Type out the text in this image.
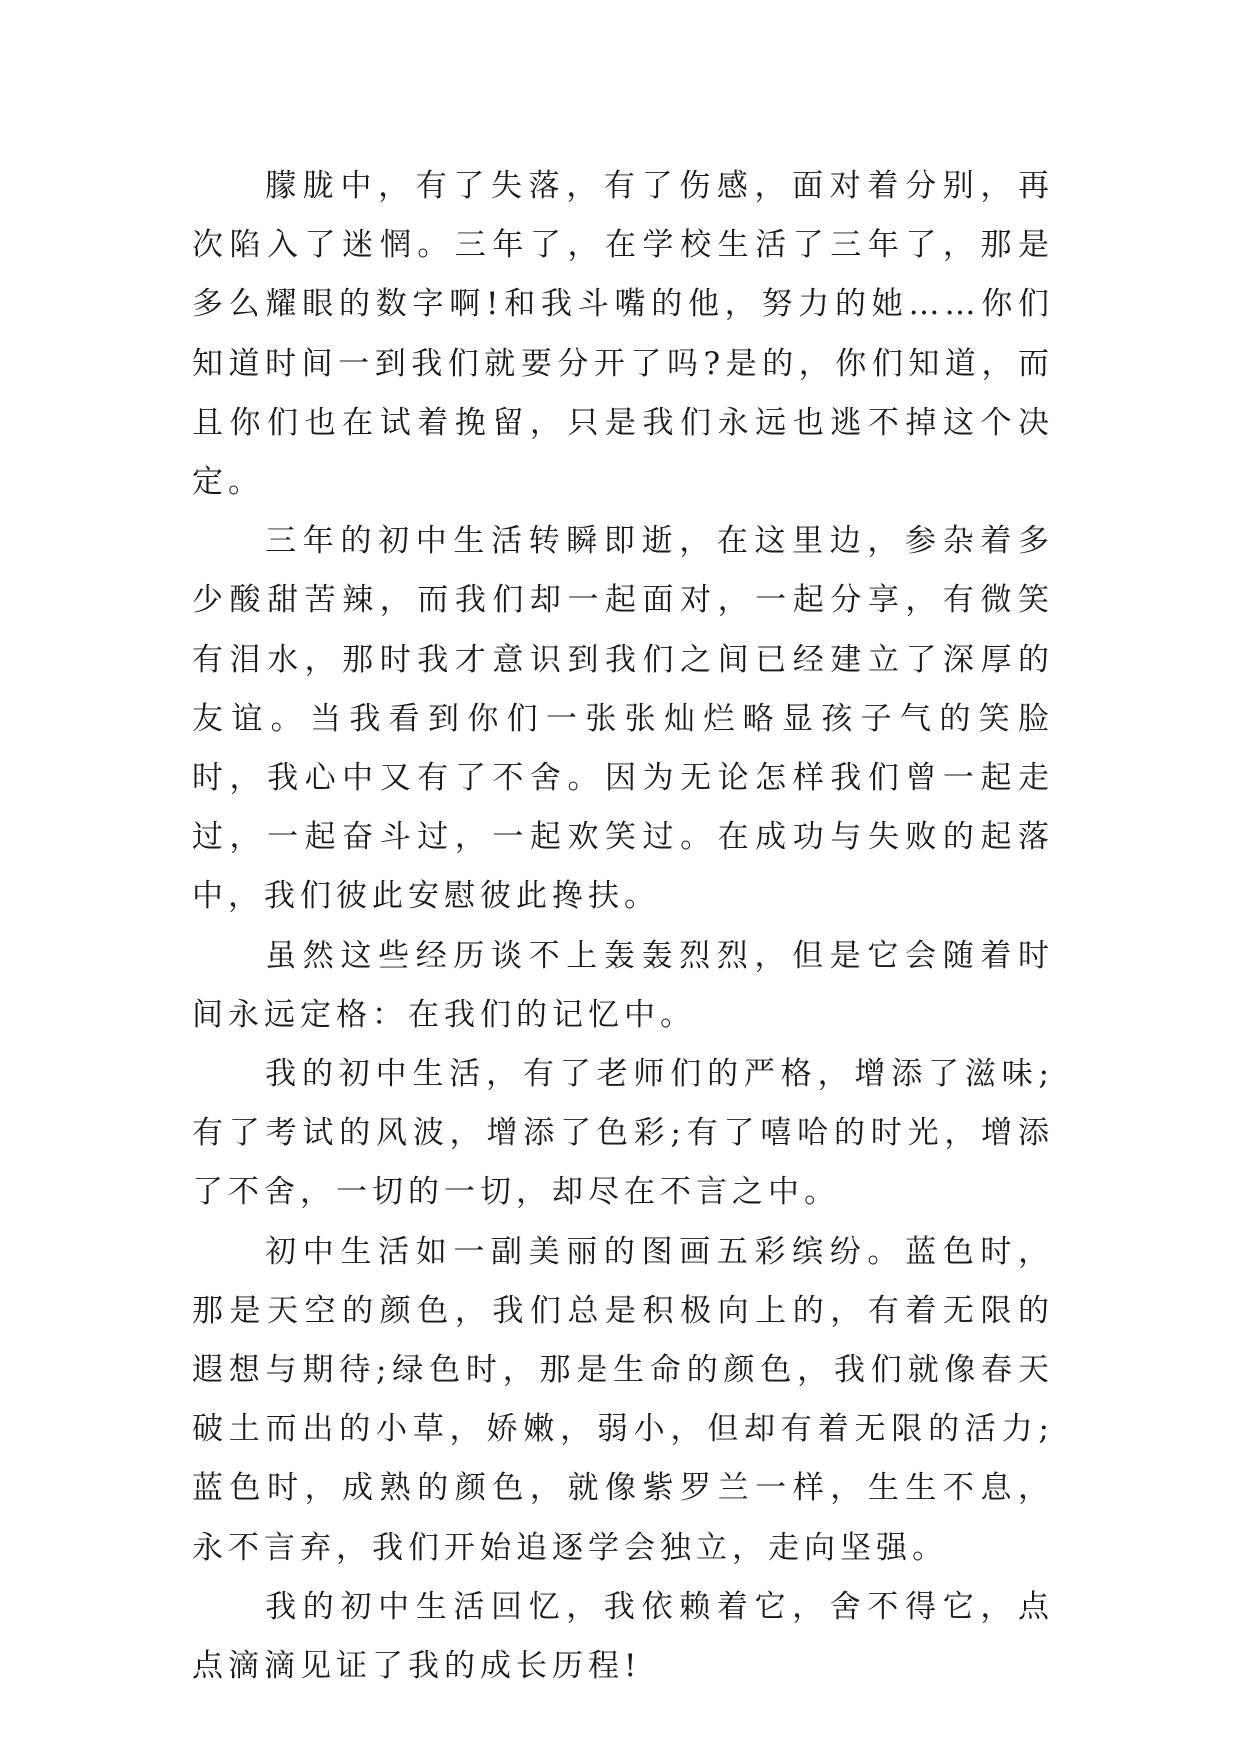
朦胧中，有了失落，有了伤感，面对着分别，再次陷入了迷惘。三年了，在学校生活了三年了，那是多么耀眼的数字啊!和我斗嘴的他，努力的她……你们知道时间一到我们就要分开了吗?是的，你们知道，而且你们也在试着挽留，只是我们永远也逃不掉这个决定。

三年的初中生活转瞬即逝，在这里边，参杂着多少酸甜苦辣，而我们却一起面对，一起分享，有微笑有泪水，那时我才意识到我们之间已经建立了深厚的友谊。当我看到你们一张张灿烂略显孩子气的笑脸时，我心中又有了不舍。因为无论怎样我们曾一起走过，一起奋斗过，一起欢笑过。在成功与失败的起落中，我们彼此安慰彼此搀扶。

虽然这些经历谈不上轰轰烈烈，但是它会随着时间永远定格：在我们的记忆中。

我的初中生活，有了老师们的严格，增添了滋味;有了考试的风波，增添了色彩;有了嘻哈的时光，增添了不舍，一切的一切，却尽在不言之中。

初中生活如一副美丽的图画五彩缤纷。蓝色时，那是天空的颜色，我们总是积极向上的，有着无限的遐想与期待;绿色时，那是生命的颜色，我们就像春天破土而出的小草，娇嫩，弱小，但却有着无限的活力;蓝色时，成熟的颜色，就像紫罗兰一样，生生不息，永不言弃，我们开始追逐学会独立，走向坚强。

我的初中生活回忆，我依赖着它，舍不得它，点点滴滴见证了我的成长历程!
